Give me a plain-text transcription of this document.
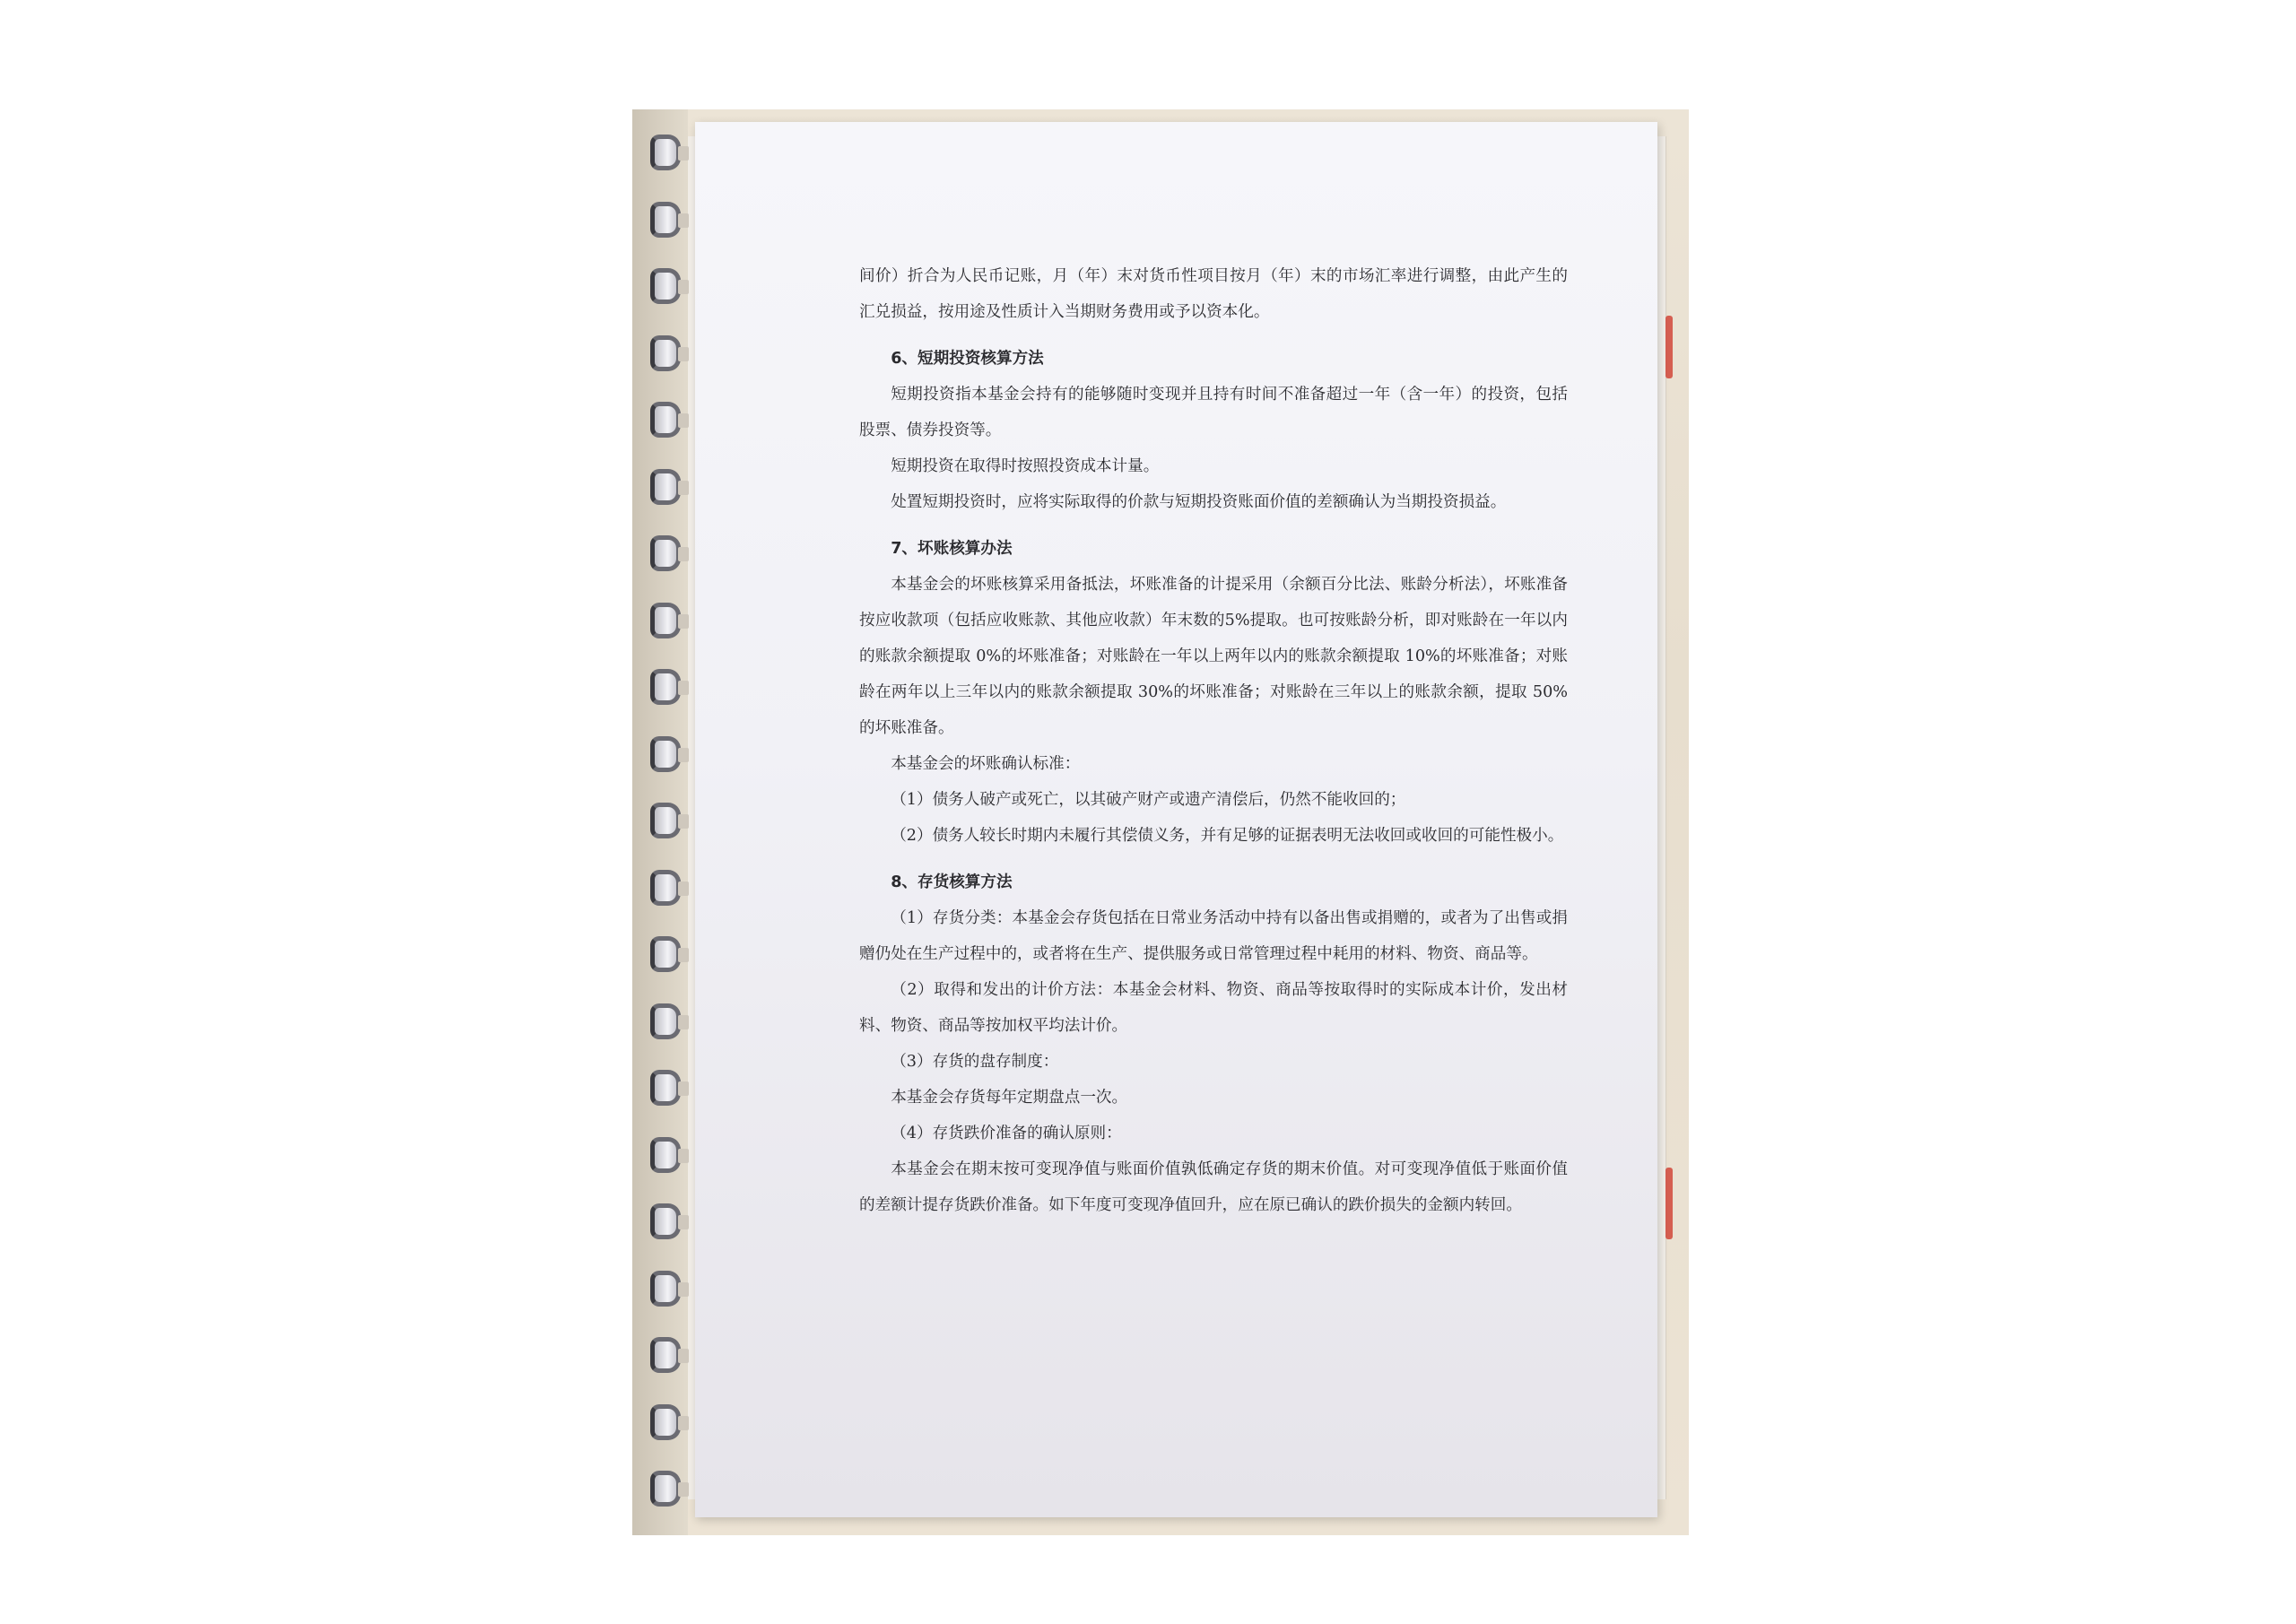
间价）折合为人民币记账，月（年）末对货币性项目按月（年）末的市场汇率进行调整，由此产生的汇兑损益，按用途及性质计入当期财务费用或予以资本化。

6、短期投资核算方法

短期投资指本基金会持有的能够随时变现并且持有时间不准备超过一年（含一年）的投资，包括股票、债券投资等。

短期投资在取得时按照投资成本计量。

处置短期投资时，应将实际取得的价款与短期投资账面价值的差额确认为当期投资损益。

7、坏账核算办法

本基金会的坏账核算采用备抵法，坏账准备的计提采用（余额百分比法、账龄分析法），坏账准备按应收款项（包括应收账款、其他应收款）年末数的5%提取。也可按账龄分析，即对账龄在一年以内的账款余额提取 0%的坏账准备；对账龄在一年以上两年以内的账款余额提取 10%的坏账准备；对账龄在两年以上三年以内的账款余额提取 30%的坏账准备；对账龄在三年以上的账款余额，提取 50%的坏账准备。

本基金会的坏账确认标准：

（1）债务人破产或死亡，以其破产财产或遗产清偿后，仍然不能收回的；

（2）债务人较长时期内未履行其偿债义务，并有足够的证据表明无法收回或收回的可能性极小。

8、存货核算方法

（1）存货分类：本基金会存货包括在日常业务活动中持有以备出售或捐赠的，或者为了出售或捐赠仍处在生产过程中的，或者将在生产、提供服务或日常管理过程中耗用的材料、物资、商品等。

（2）取得和发出的计价方法：本基金会材料、物资、商品等按取得时的实际成本计价，发出材料、物资、商品等按加权平均法计价。

（3）存货的盘存制度：

本基金会存货每年定期盘点一次。

（4）存货跌价准备的确认原则：

本基金会在期末按可变现净值与账面价值孰低确定存货的期末价值。对可变现净值低于账面价值的差额计提存货跌价准备。如下年度可变现净值回升，应在原已确认的跌价损失的金额内转回。
